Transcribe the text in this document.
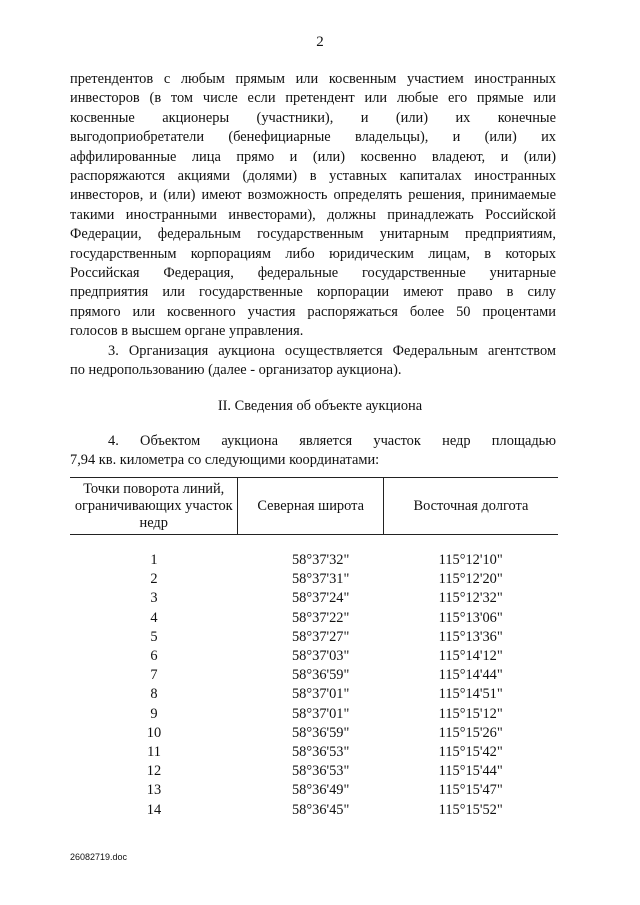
2

претендентов с любым прямым или косвенным участием иностранных

инвесторов (в том числе если претендент или любые его прямые или

косвенные акционеры (участники), и (или) их конечные

выгодоприобретатели (бенефициарные владельцы), и (или) их

аффилированные лица прямо и (или) косвенно владеют, и (или)

распоряжаются акциями (долями) в уставных капиталах иностранных

инвесторов, и (или) имеют возможность определять решения, принимаемые

такими иностранными инвесторами), должны принадлежать Российской

Федерации, федеральным государственным унитарным предприятиям,

государственным корпорациям либо юридическим лицам, в которых

Российская Федерация, федеральные государственные унитарные

предприятия или государственные корпорации имеют право в силу

прямого или косвенного участия распоряжаться более 50 процентами

голосов в высшем органе управления.

3. Организация аукциона осуществляется Федеральным агентством

по недропользованию (далее - организатор аукциона).

II. Сведения об объекте аукциона

4. Объектом аукциона является участок недр площадью

7,94 кв. километра со следующими координатами:

Точки поворота линий, ограничивающих участок недр	Северная широта	Восточная долгота

1	58°37'32"	115°12'10"
2	58°37'31"	115°12'20"
3	58°37'24"	115°12'32"
4	58°37'22"	115°13'06"
5	58°37'27"	115°13'36"
6	58°37'03"	115°14'12"
7	58°36'59"	115°14'44"
8	58°37'01"	115°14'51"
9	58°37'01"	115°15'12"
10	58°36'59"	115°15'26"
11	58°36'53"	115°15'42"
12	58°36'53"	115°15'44"
13	58°36'49"	115°15'47"
14	58°36'45"	115°15'52"
26082719.doc
